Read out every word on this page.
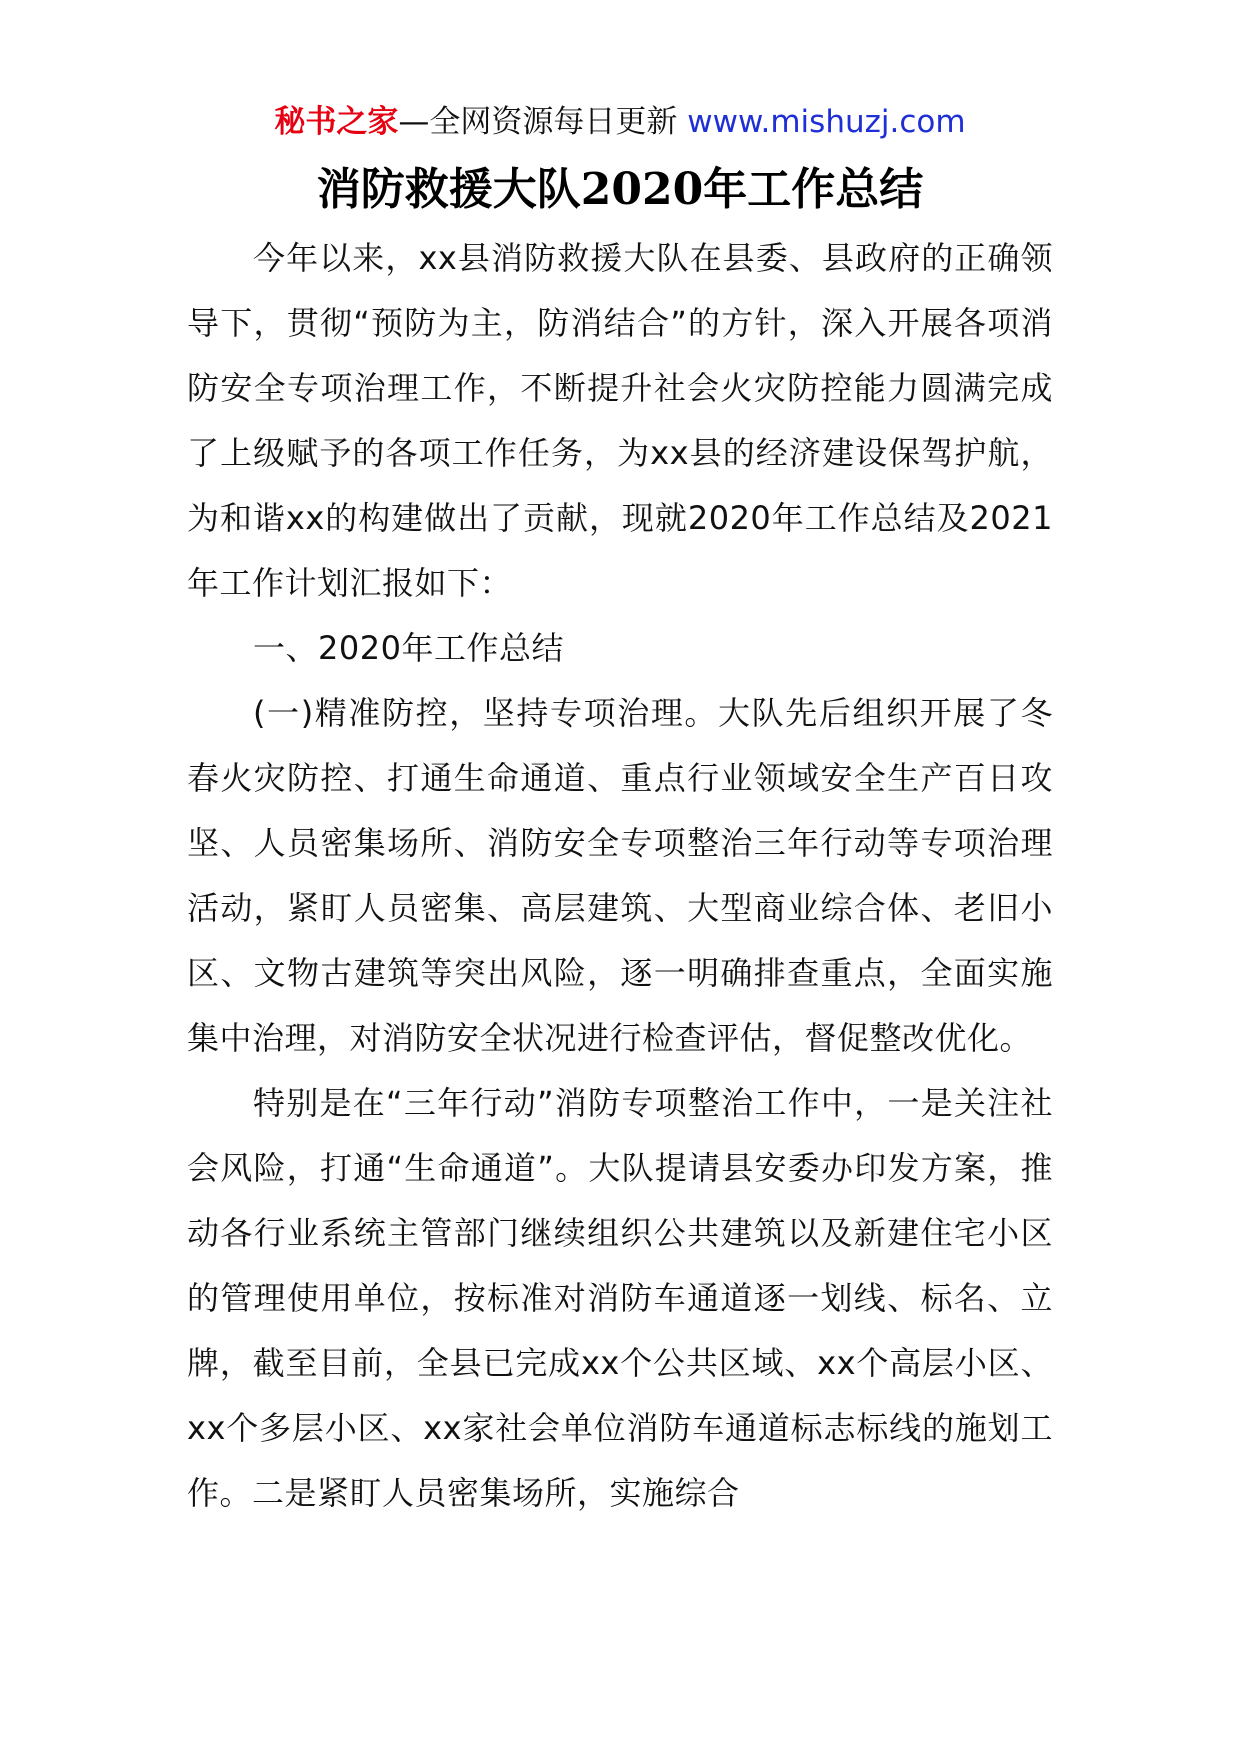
秘书之家—全网资源每日更新 www.mishuzj.com
消防救援大队2020年工作总结

今年以来，xx县消防救援大队在县委、县政府的正确领导下，贯彻“预防为主，防消结合”的方针，深入开展各项消防安全专项治理工作，不断提升社会火灾防控能力圆满完成了上级赋予的各项工作任务，为xx县的经济建设保驾护航，为和谐xx的构建做出了贡献，现就2020年工作总结及2021年工作计划汇报如下：

一、2020年工作总结

(一)精准防控，坚持专项治理。大队先后组织开展了冬春火灾防控、打通生命通道、重点行业领域安全生产百日攻坚、人员密集场所、消防安全专项整治三年行动等专项治理活动，紧盯人员密集、高层建筑、大型商业综合体、老旧小区、文物古建筑等突出风险，逐一明确排查重点，全面实施集中治理，对消防安全状况进行检查评估，督促整改优化。

特别是在“三年行动”消防专项整治工作中，一是关注社会风险，打通“生命通道”。大队提请县安委办印发方案，推动各行业系统主管部门继续组织公共建筑以及新建住宅小区的管理使用单位，按标准对消防车通道逐一划线、标名、立牌，截至目前，全县已完成xx个公共区域、xx个高层小区、xx个多层小区、xx家社会单位消防车通道标志标线的施划工作。二是紧盯人员密集场所，实施综合
